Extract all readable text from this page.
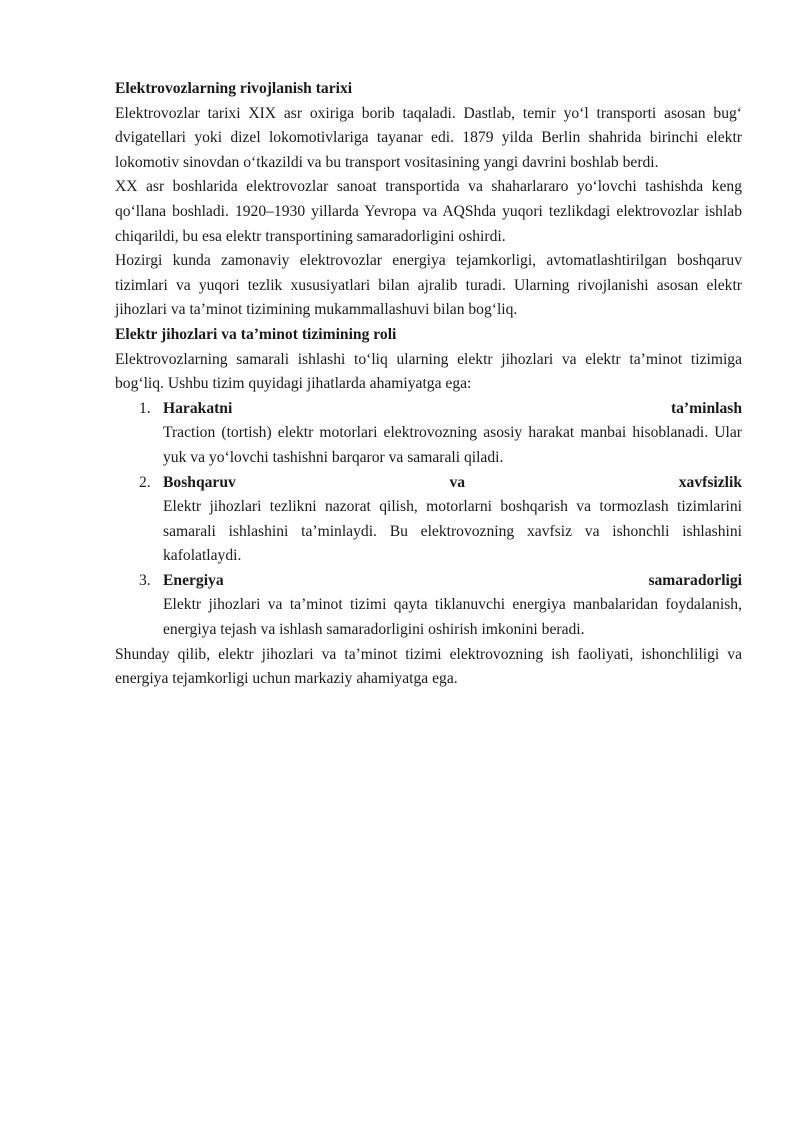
Elektrovozlarning rivojlanish tarixi

Elektrovozlar tarixi XIX asr oxiriga borib taqaladi. Dastlab, temir yo‘l transporti asosan bug‘ dvigatellari yoki dizel lokomotivlariga tayanar edi. 1879 yilda Berlin shahrida birinchi elektr lokomotiv sinovdan o‘tkazildi va bu transport vositasining yangi davrini boshlab berdi.

XX asr boshlarida elektrovozlar sanoat transportida va shaharlararo yo‘lovchi tashishda keng qo‘llana boshladi. 1920–1930 yillarda Yevropa va AQShda yuqori tezlikdagi elektrovozlar ishlab chiqarildi, bu esa elektr transportining samaradorligini oshirdi.

Hozirgi kunda zamonaviy elektrovozlar energiya tejamkorligi, avtomatlashtirilgan boshqaruv tizimlari va yuqori tezlik xususiyatlari bilan ajralib turadi. Ularning rivojlanishi asosan elektr jihozlari va ta’minot tizimining mukammallashuvi bilan bog‘liq.

Elektr jihozlari va ta’minot tizimining roli

Elektrovozlarning samarali ishlashi to‘liq ularning elektr jihozlari va elektr ta’minot tizimiga bog‘liq. Ushbu tizim quyidagi jihatlarda ahamiyatga ega:

1. Harakatni ta’minlash
Traction (tortish) elektr motorlari elektrovozning asosiy harakat manbai hisoblanadi. Ular yuk va yo‘lovchi tashishni barqaror va samarali qiladi.
2. Boshqaruv va xavfsizlik
Elektr jihozlari tezlikni nazorat qilish, motorlarni boshqarish va tormozlash tizimlarini samarali ishlashini ta’minlaydi. Bu elektrovozning xavfsiz va ishonchli ishlashini kafolatlaydi.
3. Energiya samaradorligi
Elektr jihozlari va ta’minot tizimi qayta tiklanuvchi energiya manbalaridan foydalanish, energiya tejash va ishlash samaradorligini oshirish imkonini beradi.

Shunday qilib, elektr jihozlari va ta’minot tizimi elektrovozning ish faoliyati, ishonchliligi va energiya tejamkorligi uchun markaziy ahamiyatga ega.
